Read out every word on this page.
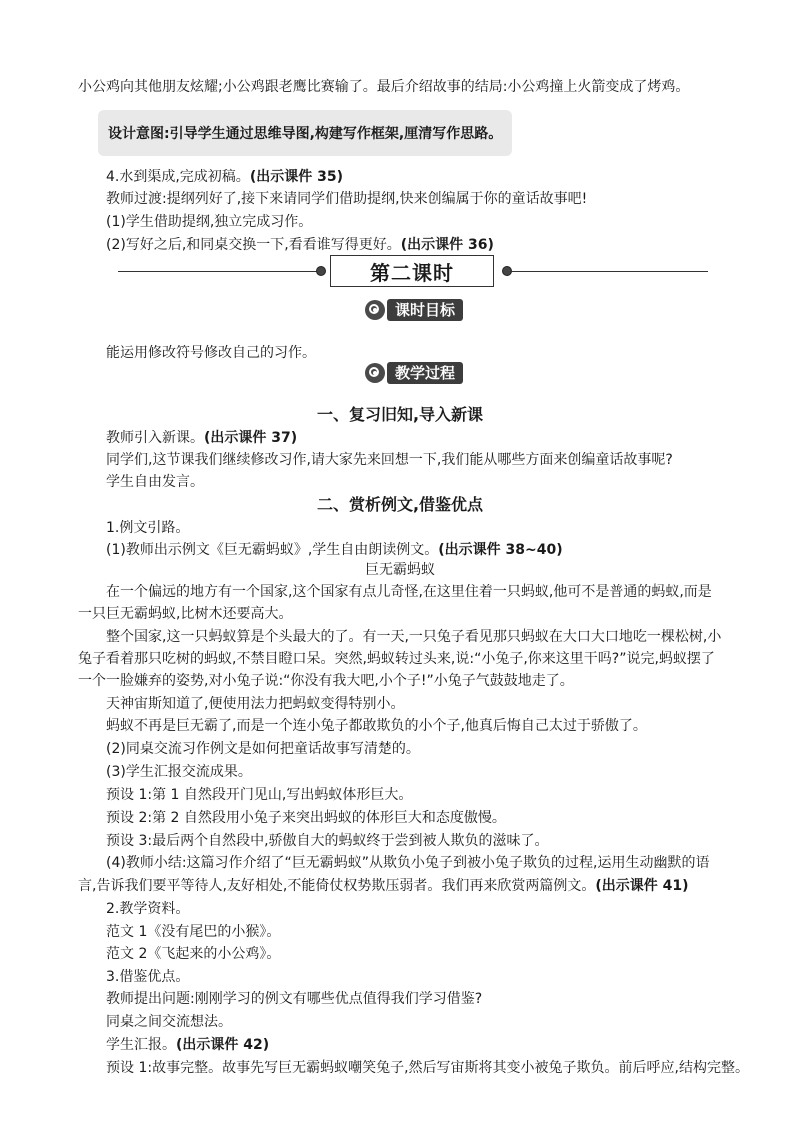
小公鸡向其他朋友炫耀;小公鸡跟老鹰比赛输了。最后介绍故事的结局:小公鸡撞上火箭变成了烤鸡。
设计意图:引导学生通过思维导图,构建写作框架,厘清写作思路。
4.水到渠成,完成初稿。(出示课件 35)
教师过渡:提纲列好了,接下来请同学们借助提纲,快来创编属于你的童话故事吧!
(1)学生借助提纲,独立完成习作。
(2)写好之后,和同桌交换一下,看看谁写得更好。(出示课件 36)
第二课时
课时目标
能运用修改符号修改自己的习作。
教学过程
一、复习旧知,导入新课
教师引入新课。(出示课件 37)
同学们,这节课我们继续修改习作,请大家先来回想一下,我们能从哪些方面来创编童话故事呢?
学生自由发言。
二、赏析例文,借鉴优点
1.例文引路。
(1)教师出示例文《巨无霸蚂蚁》,学生自由朗读例文。(出示课件 38~40)
巨无霸蚂蚁
在一个偏远的地方有一个国家,这个国家有点儿奇怪,在这里住着一只蚂蚁,他可不是普通的蚂蚁,而是
一只巨无霸蚂蚁,比树木还要高大。
整个国家,这一只蚂蚁算是个头最大的了。有一天,一只兔子看见那只蚂蚁在大口大口地吃一棵松树,小
兔子看着那只吃树的蚂蚁,不禁目瞪口呆。突然,蚂蚁转过头来,说:“小兔子,你来这里干吗?”说完,蚂蚁摆了
一个一脸嫌弃的姿势,对小兔子说:“你没有我大吧,小个子!”小兔子气鼓鼓地走了。
天神宙斯知道了,便使用法力把蚂蚁变得特别小。
蚂蚁不再是巨无霸了,而是一个连小兔子都敢欺负的小个子,他真后悔自己太过于骄傲了。
(2)同桌交流习作例文是如何把童话故事写清楚的。
(3)学生汇报交流成果。
预设 1:第 1 自然段开门见山,写出蚂蚁体形巨大。
预设 2:第 2 自然段用小兔子来突出蚂蚁的体形巨大和态度傲慢。
预设 3:最后两个自然段中,骄傲自大的蚂蚁终于尝到被人欺负的滋味了。
(4)教师小结:这篇习作介绍了“巨无霸蚂蚁”从欺负小兔子到被小兔子欺负的过程,运用生动幽默的语
言,告诉我们要平等待人,友好相处,不能倚仗权势欺压弱者。我们再来欣赏两篇例文。(出示课件 41)
2.教学资料。
范文 1《没有尾巴的小猴》。
范文 2《飞起来的小公鸡》。
3.借鉴优点。
教师提出问题:刚刚学习的例文有哪些优点值得我们学习借鉴?
同桌之间交流想法。
学生汇报。(出示课件 42)
预设 1:故事完整。故事先写巨无霸蚂蚁嘲笑兔子,然后写宙斯将其变小被兔子欺负。前后呼应,结构完整。
